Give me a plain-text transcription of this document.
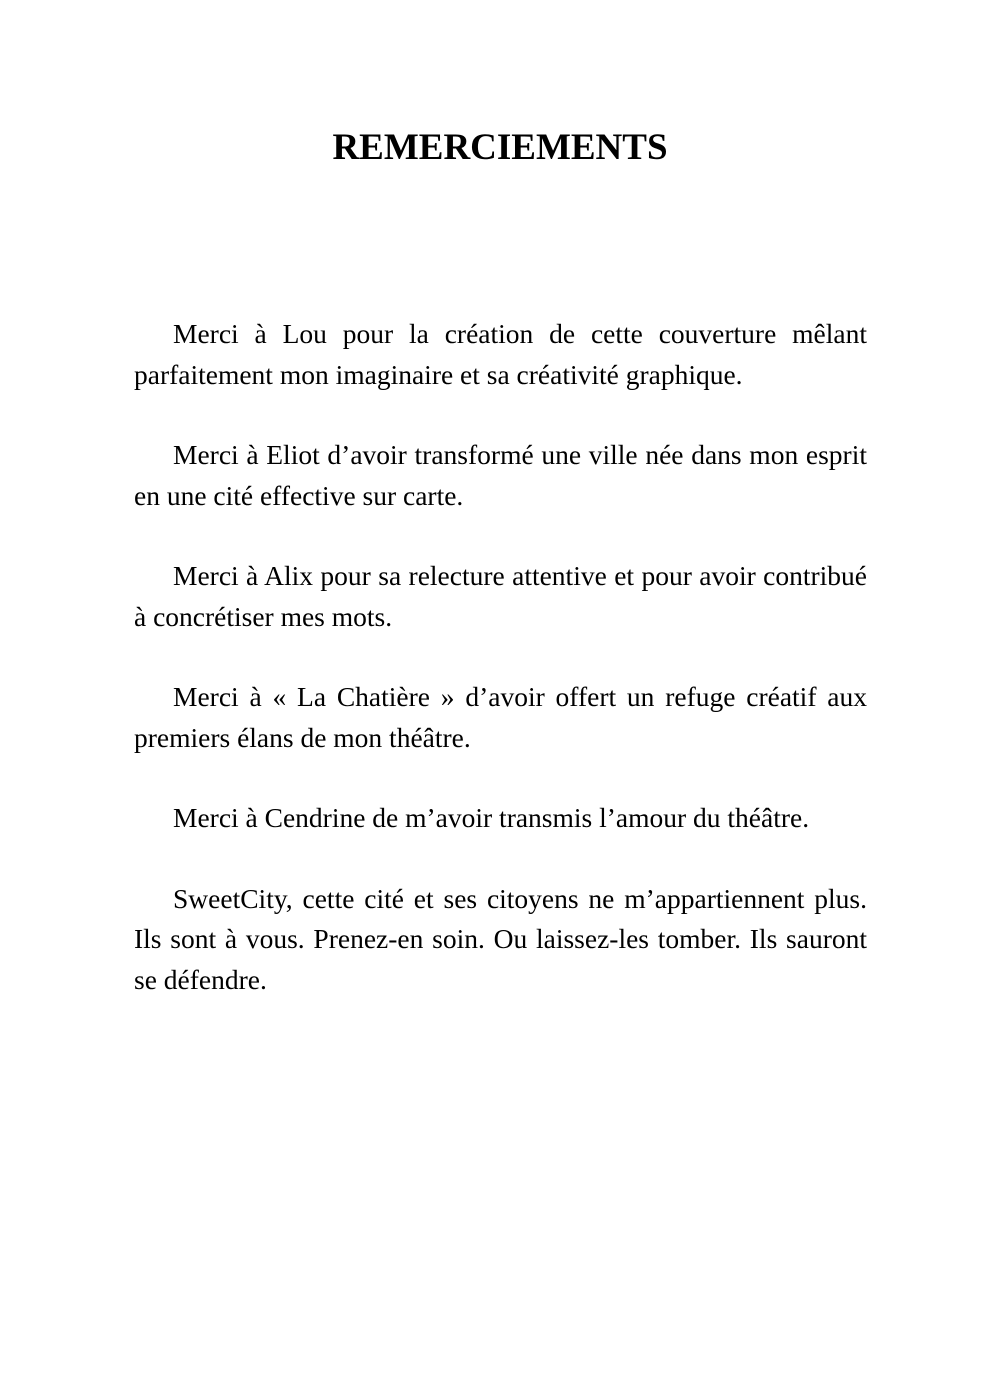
REMERCIEMENTS

Merci à Lou pour la création de cette couverture mêlant parfaitement mon imaginaire et sa créativité graphique.

Merci à Eliot d’avoir transformé une ville née dans mon esprit en une cité effective sur carte.

Merci à Alix pour sa relecture attentive et pour avoir contribué à concrétiser mes mots.

Merci à « La Chatière » d’avoir offert un refuge créatif aux premiers élans de mon théâtre.

Merci à Cendrine de m’avoir transmis l’amour du théâtre.

SweetCity, cette cité et ses citoyens ne m’appartiennent plus. Ils sont à vous. Prenez-en soin. Ou laissez-les tomber. Ils sauront se défendre.
